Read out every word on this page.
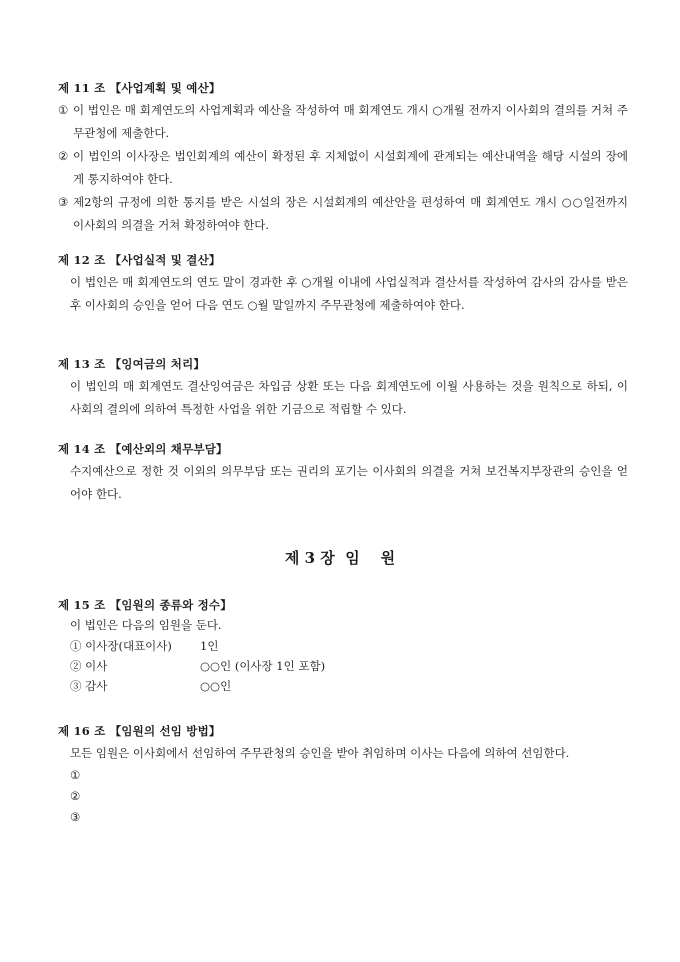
제 11 조 【사업계획 및 예산】
① 이 법인은 매 회계연도의 사업계획과 예산을 작성하여 매 회계연도 개시 ○개월 전까지 이사회의 결의를 거쳐 주무관청에 제출한다.
② 이 법인의 이사장은 법인회계의 예산이 확정된 후 지체없이 시설회계에 관계되는 예산내역을 해당 시설의 장에게 통지하여야 한다.
③ 제2항의 규정에 의한 통지를 받은 시설의 장은 시설회계의 예산안을 편성하여 매 회계연도 개시 ○○일전까지 이사회의 의결을 거쳐 확정하여야 한다.
제 12 조 【사업실적 및 결산】
이 법인은 매 회계연도의 연도 말이 경과한 후 ○개월 이내에 사업실적과 결산서를 작성하여 감사의 감사를 받은 후 이사회의 승인을 얻어 다음 연도 ○월 말일까지 주무관청에 제출하여야 한다.
제 13 조 【잉여금의 처리】
이 법인의 매 회계연도 결산잉여금은 차입금 상환 또는 다음 회계연도에 이월 사용하는 것을 원칙으로 하되, 이사회의 결의에 의하여 특정한 사업을 위한 기금으로 적립할 수 있다.
제 14 조 【예산외의 채무부담】
수지예산으로 정한 것 이외의 의무부담 또는 권리의 포기는 이사회의 의결을 거쳐 보건복지부장관의 승인을 얻어야 한다.
제 3 장  임    원
제 15 조 【임원의 종류와 정수】
이 법인은 다음의 임원을 둔다.
① 이사장(대표이사)	1인
② 이사	○○인 (이사장 1인 포함)
③ 감사	○○인
제 16 조 【임원의 선임 방법】
모든 임원은 이사회에서 선임하여 주무관청의 승인을 받아 취임하며 이사는 다음에 의하여 선임한다.
①
②
③
